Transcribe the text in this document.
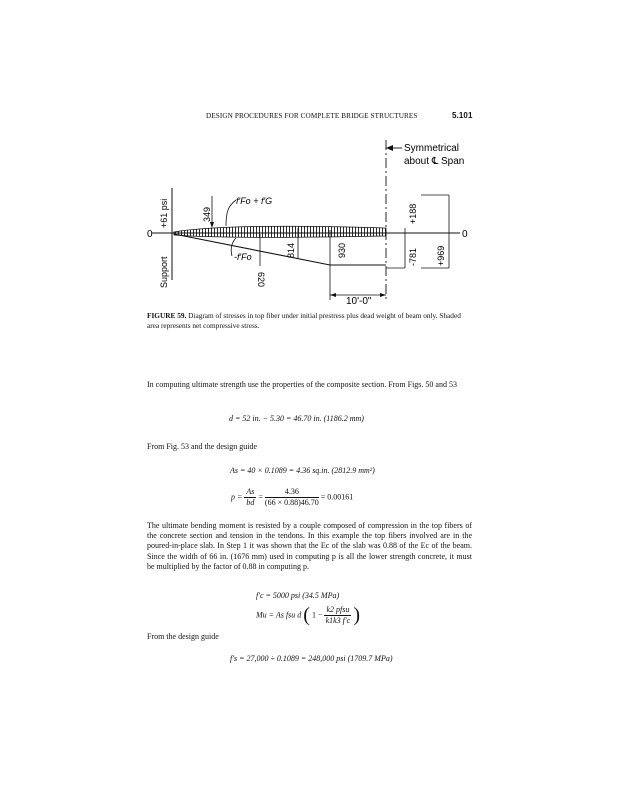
DESIGN PROCEDURES FOR COMPLETE BRIDGE STRUCTURES	5.101
Symmetrical
about ℄ Span
0	0
+61 psi
Support
349
620
814	930
+188
-781 +969
10'-0"
f′Fo + f′G
-f′Fo
FIGURE 59. Diagram of stresses in top fiber under initial prestress plus dead weight of beam only. Shaded area represents net compressive stress.
In computing ultimate strength use the properties of the composite section. From Figs. 50 and 53
d = 52 in. − 5.30 = 46.70 in. (1186.2 mm)
From Fig. 53 and the design guide
As = 40 × 0.1089 = 4.36 sq.in. (2812.9 mm²)
$p = \frac{As}{bd} = \frac{4.36}{(66 \times 0.88)46.70} = 0.00161$
The ultimate bending moment is resisted by a couple composed of compression in the top fibers of the concrete section and tension in the tendons. In this example the top fibers involved are in the poured-in-place slab. In Step 1 it was shown that the Ec of the slab was 0.88 of the Ec of the beam. Since the width of 66 in. (1676 mm) used in computing p is all the lower strength concrete, it must be multiplied by the factor of 0.88 in computing p.
f′c = 5000 psi (34.5 MPa)
Mu = As fsu d ( $1 - \frac{\text{k2 pfsu}}{k1k3 f'c}$ )
From the design guide
f′s = 27,000 ÷ 0.1089 = 248,000 psi (1709.7 MPa)
